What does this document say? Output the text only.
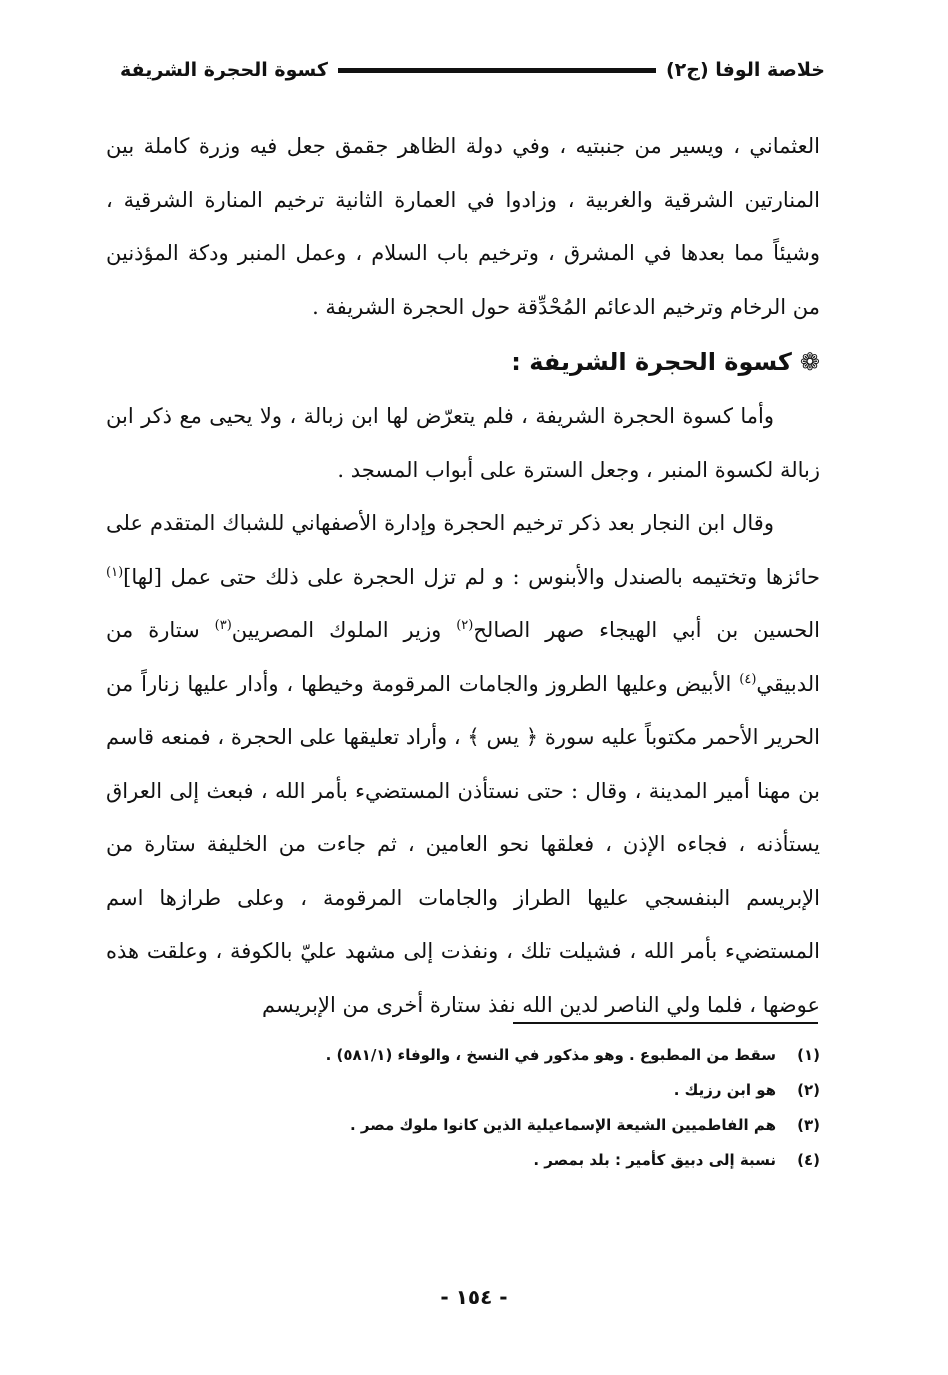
خلاصة الوفا (ج٢)
كسوة الحجرة الشريفة

العثماني ، ويسير من جنبتيه ، وفي دولة الظاهر جقمق جعل فيه وزرة كاملة بين المنارتين الشرقية والغربية ، وزادوا في العمارة الثانية ترخيم المنارة الشرقية ، وشيئاً مما بعدها في المشرق ، وترخيم باب السلام ، وعمل المنبر ودكة المؤذنين من الرخام وترخيم الدعائم المُحْدِّقة حول الحجرة الشريفة .

❁
كسوة الحجرة الشريفة :

وأما كسوة الحجرة الشريفة ، فلم يتعرّض لها ابن زبالة ، ولا يحيى مع ذكر ابن زبالة لكسوة المنبر ، وجعل السترة على أبواب المسجد .

وقال ابن النجار بعد ذكر ترخيم الحجرة وإدارة الأصفهاني للشباك المتقدم على حائزها وتختيمه بالصندل والأبنوس : و لم تزل الحجرة على ذلك حتى عمل [لها]$^{(١)}$ الحسين بن أبي الهيجاء صهر الصالح$^{(٢)}$ وزير الملوك المصريين$^{(٣)}$ ستارة من الدبيقي$^{(٤)}$ الأبيض وعليها الطروز والجامات المرقومة وخيطها ، وأدار عليها زناراً من الحرير الأحمر مكتوباً عليه سورة ﴿ يس ﴾ ، وأراد تعليقها على الحجرة ، فمنعه قاسم بن مهنا أمير المدينة ، وقال : حتى نستأذن المستضيء بأمر الله ، فبعث إلى العراق يستأذنه ، فجاءه الإذن ، فعلقها نحو العامين ، ثم جاءت من الخليفة ستارة من الإبريسم البنفسجي عليها الطراز والجامات المرقومة ، وعلى طرازها اسم المستضيء بأمر الله ، فشيلت تلك ، ونفذت إلى مشهد عليّ بالكوفة ، وعلقت هذه عوضها ، فلما ولي الناصر لدين الله نفذ ستارة أخرى من الإبريسم

(١)
سقط من المطبوع . وهو مذكور في النسخ ، والوفاء (٥٨١/١) .
(٢)
هو ابن رزيك .
(٣)
هم الفاطميين الشيعة الإسماعيلية الذين كانوا ملوك مصر .
(٤)
نسبة إلى دبيق كأمير : بلد بمصر .
- ١٥٤ -
